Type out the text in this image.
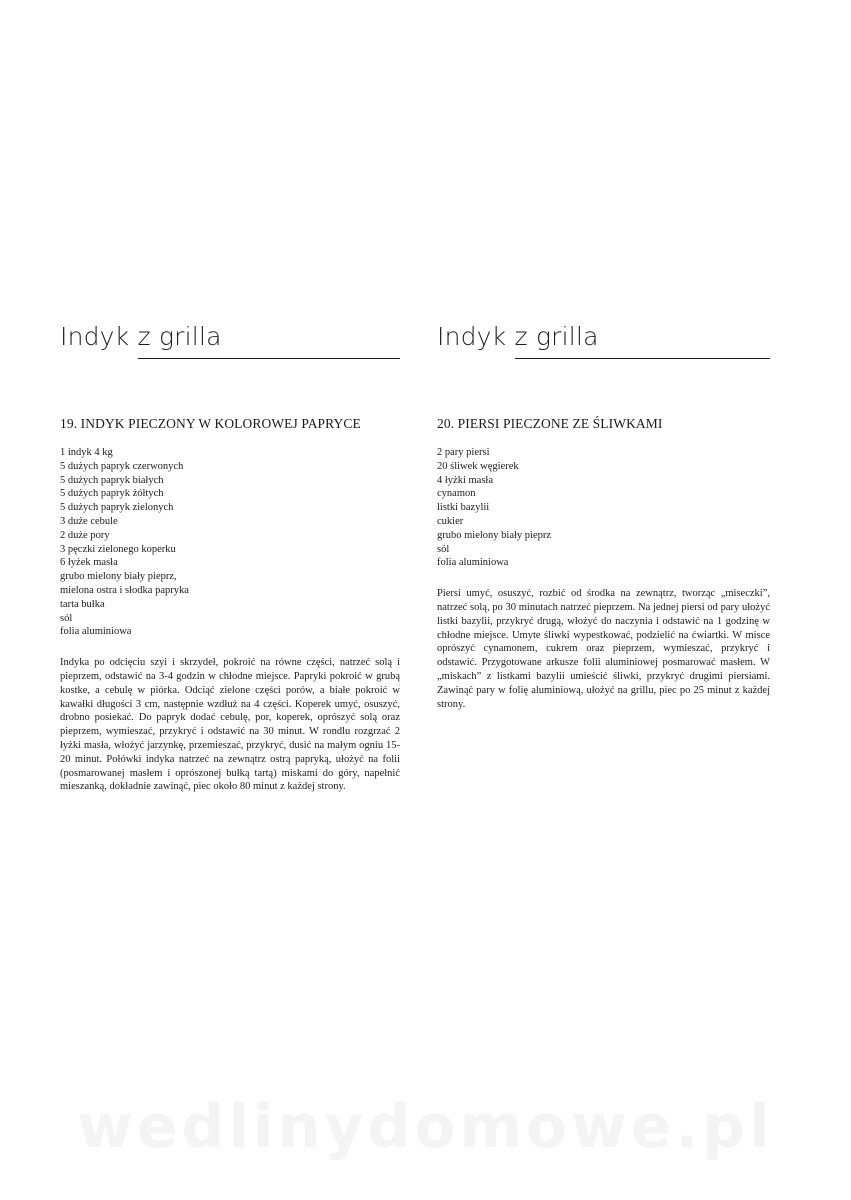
Indyk z grilla
19. INDYK PIECZONY W KOLOROWEJ PAPRYCE
1 indyk 4 kg
5 dużych papryk czerwonych
5 dużych papryk białych
5 dużych papryk żółtych
5 dużych papryk zielonych
3 duże cebule
2 duże pory
3 pęczki zielonego koperku
6 łyżek masła
grubo mielony biały pieprz,
mielona ostra i słodka papryka
tarta bułka
sól
folia aluminiowa

Indyka po odcięciu szyi i skrzydeł, pokroić na równe części, natrzeć solą i pieprzem, odstawić na 3-4 godzin w chłodne miejsce. Papryki pokroić w grubą kostke, a cebulę w piórka. Odciąć zielone części porów, a białe pokroić w kawałki długości 3 cm, następnie wzdłuż na 4 części. Koperek umyć, osuszyć, drobno posiekać. Do papryk dodać cebulę, por, koperek, oprószyć solą oraz pieprzem, wymieszać, przykryć i odstawić na 30 minut. W rondlu rozgrzać 2 łyżki masła, włożyć jarzynkę, przemieszać, przykryć, dusić na małym ogniu 15-20 minut. Połówki indyka natrzeć na zewnątrz ostrą papryką, ułożyć na folii (posmarowanej masłem i oprószonej bułką tartą) miskami do góry, napełnić mieszanką, dokładnie zawinąć, piec około 80 minut z każdej strony.

Indyk z grilla
20. PIERSI PIECZONE ZE ŚLIWKAMI
2 pary piersi
20 śliwek węgierek
4 łyżki masła
cynamon
listki bazylii
cukier
grubo mielony biały pieprz
sól
folia aluminiowa

Piersi umyć, osuszyć, rozbić od środka na zewnątrz, tworząc „miseczki”, natrzeć solą, po 30 minutach natrzeć pieprzem. Na jednej piersi od pary ułożyć listki bazylii, przykryć drugą, włożyć do naczynia i odstawić na 1 godzinę w chłodne miejsce. Umyte śliwki wypestkować, podzielić na ćwiartki. W misce oprószyć cynamonem, cukrem oraz pieprzem, wymieszać, przykryć i odstawić. Przygotowane arkusze folii aluminiowej posmarować masłem. W „miskach” z listkami bazylii umieścić śliwki, przykryć drugimi piersiami. Zawinąć pary w folię aluminiową, ułożyć na grillu, piec po 25 minut z każdej strony.

wedlinydomowe.pl
